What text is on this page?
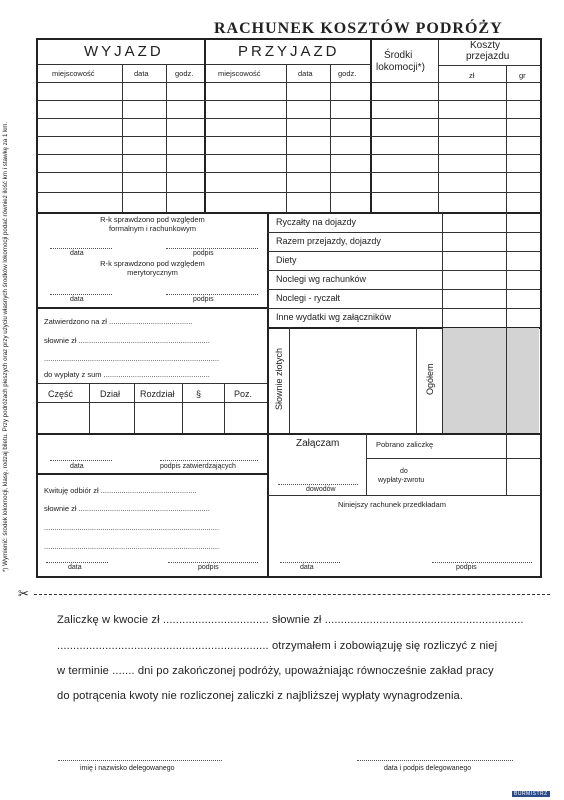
RACHUNEK KOSZTÓW PODRÓŻY
*) Wymienić: środek lokomocji, klasę, rodzaj biletu. Przy podróżach pieszych oraz przy użyciu własnych środków lokomocji podać również ilość km i stawkę za 1 km.
WYJAZD	PRZYJAZD	Środki
lokomocji*)
Koszty
przejazdu
miejscowość	data	godz.	miejscowość	data	godz.	zł	gr
R-k sprawdzono pod względem
formalnym i rachunkowym
data	podpis
R-k sprawdzono pod względem
merytorycznym
data	podpis
Zatwierdzono na zł ........................................
słownie zł ...............................................................
....................................................................................
do wypłaty z sum ...................................................
Część	Dział Rozdział §	Poz.
data	podpis zatwierdzających
Kwituję odbiór zł ..............................................
słownie zł ...............................................................
....................................................................................
....................................................................................
data	podpis
Ryczałty na dojazdy
Razem przejazdy, dojazdy
Diety
Noclegi wg rachunków
Noclegi - ryczałt
Inne wydatki wg załączników
Słownie złotych	Ogółem
Załączam	Pobrano zaliczkę
do
wypłaty-zwrotu
dowodów
Niniejszy rachunek przedkładam
data	podpis
✂
Zaliczkę w kwocie zł ................................. słownie zł ..............................................................
.................................................................. otrzymałem i zobowiązuję się rozliczyć z niej
w terminie ....... dni po zakończonej podróży, upoważniając równocześnie zakład pracy
do potrącenia kwoty nie rozliczonej zaliczki z najbliższej wypłaty wynagrodzenia.
imię i nazwisko delegowanego	data i podpis delegowanego
BURMISTRZ
